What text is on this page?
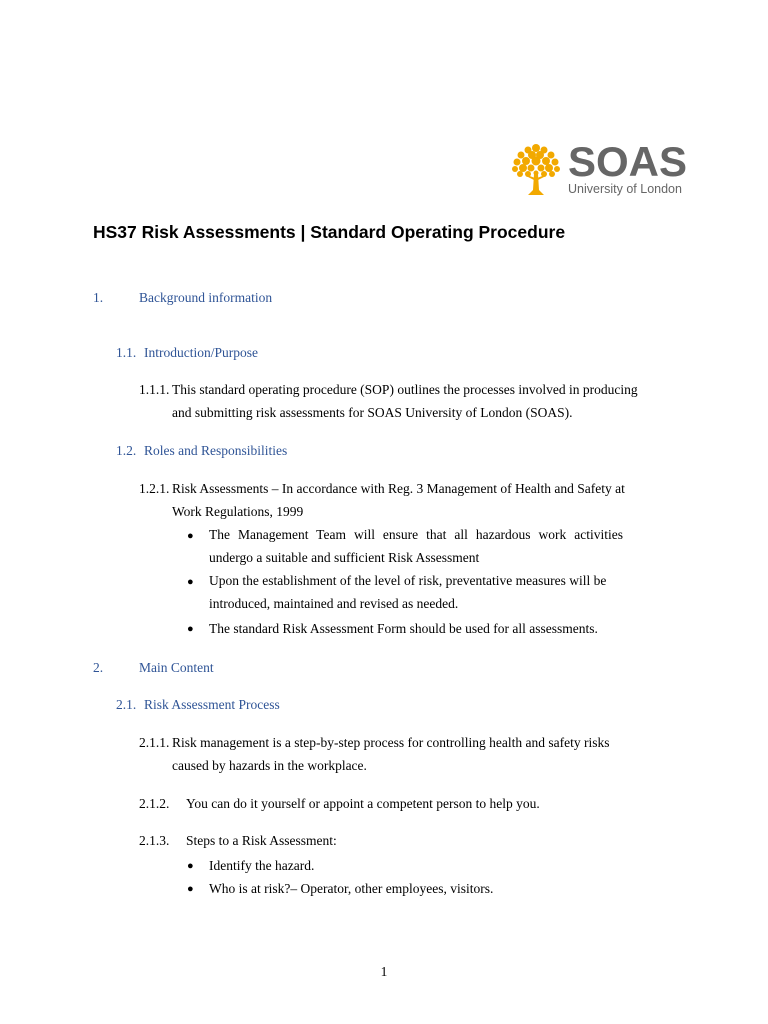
SOAS
University of London
HS37 Risk Assessments | Standard Operating Procedure
1.	Background information
1.1. Introduction/Purpose
1.1.1. This standard operating procedure (SOP) outlines the processes involved in producing
and submitting risk assessments for SOAS University of London (SOAS).
1.2. Roles and Responsibilities
1.2.1. Risk Assessments – In accordance with Reg. 3 Management of Health and Safety at
Work Regulations, 1999
● The Management Team will ensure that all hazardous work activities undergo a suitable and sufficient Risk Assessment
● Upon the establishment of the level of risk, preventative measures will be introduced, maintained and revised as needed.
● The standard Risk Assessment Form should be used for all assessments.
2.	Main Content
2.1. Risk Assessment Process
2.1.1. Risk management is a step-by-step process for controlling health and safety risks
caused by hazards in the workplace.
2.1.2. You can do it yourself or appoint a competent person to help you.
2.1.3. Steps to a Risk Assessment:
● Identify the hazard.
● Who is at risk?– Operator, other employees, visitors.
1
